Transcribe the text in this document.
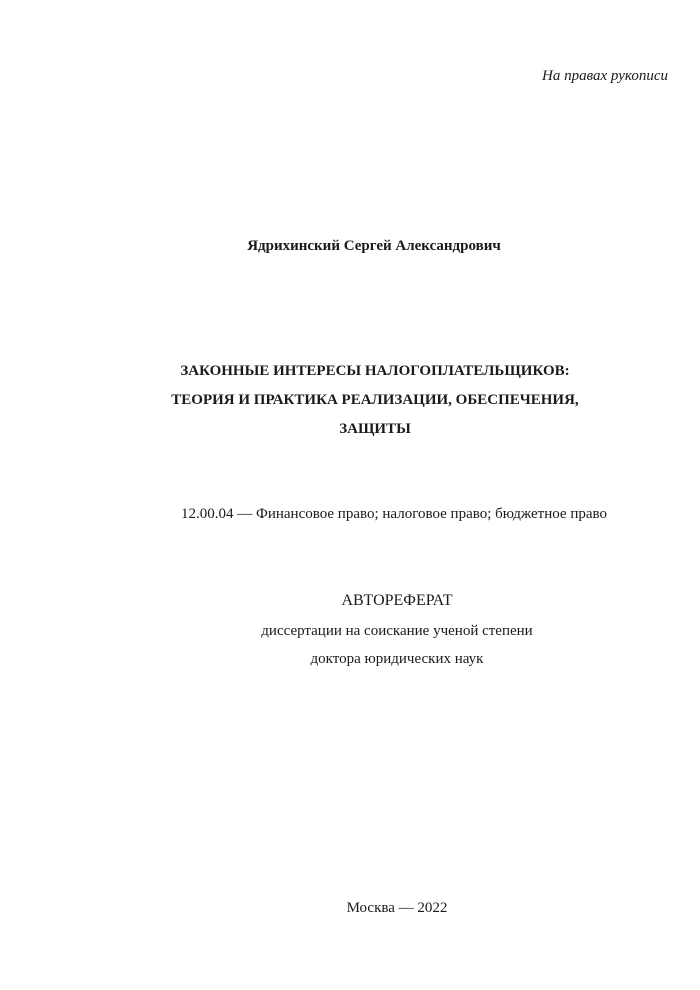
На правах рукописи
Ядрихинский Сергей Александрович
ЗАКОННЫЕ ИНТЕРЕСЫ НАЛОГОПЛАТЕЛЬЩИКОВ:
ТЕОРИЯ И ПРАКТИКА РЕАЛИЗАЦИИ, ОБЕСПЕЧЕНИЯ,
ЗАЩИТЫ
12.00.04 — Финансовое право; налоговое право; бюджетное право
АВТОРЕФЕРАТ
диссертации на соискание ученой степени
доктора юридических наук
Москва — 2022
